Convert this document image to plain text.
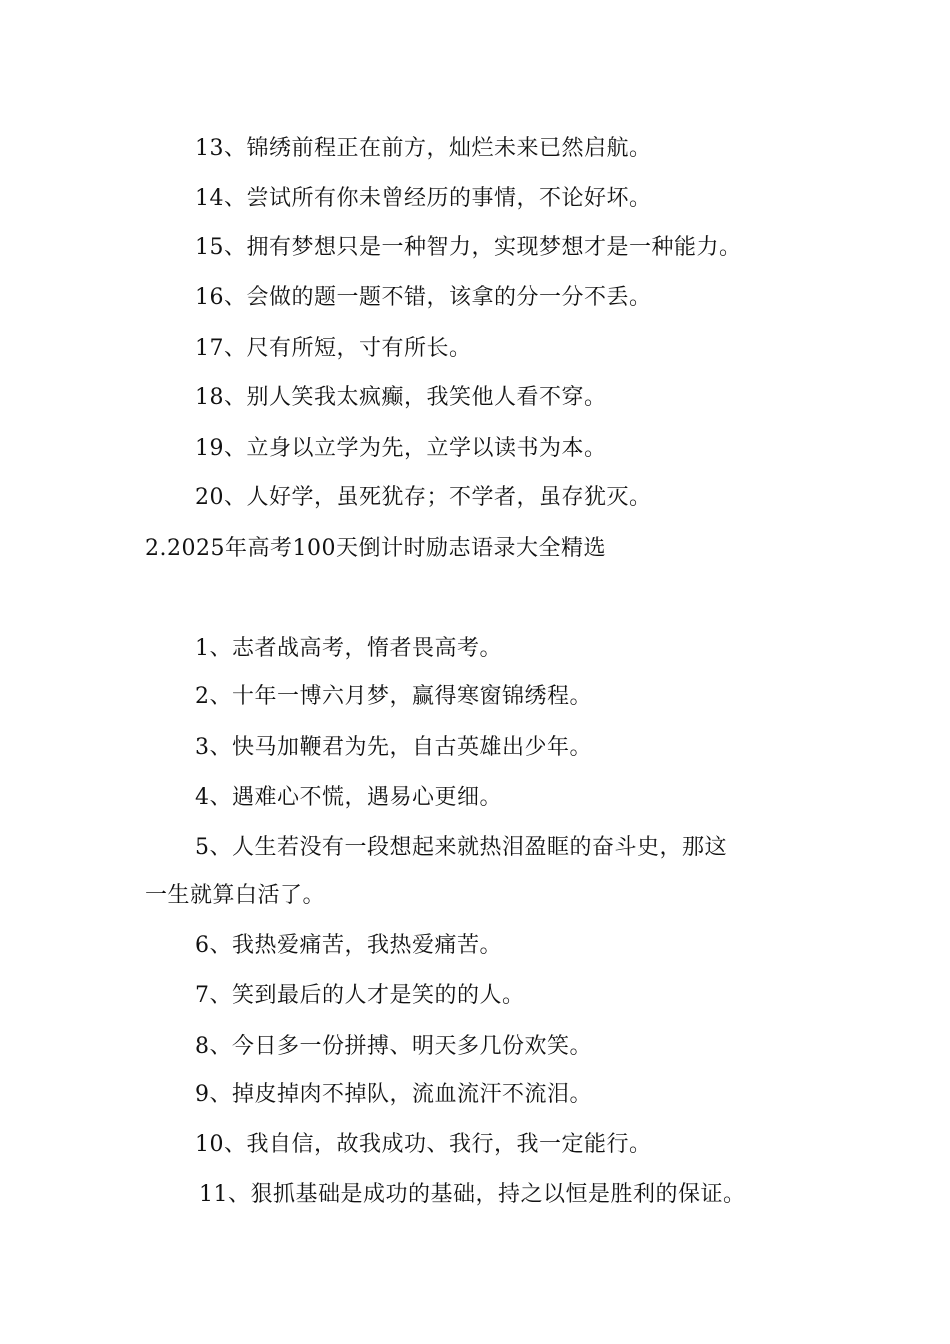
13、锦绣前程正在前方，灿烂未来已然启航。
14、尝试所有你未曾经历的事情，不论好坏。
15、拥有梦想只是一种智力，实现梦想才是一种能力。
16、会做的题一题不错，该拿的分一分不丢。
17、尺有所短，寸有所长。
18、别人笑我太疯癫，我笑他人看不穿。
19、立身以立学为先，立学以读书为本。
20、人好学，虽死犹存；不学者，虽存犹灭。
2.2025年高考100天倒计时励志语录大全精选
1、志者战高考，惰者畏高考。
2、十年一博六月梦，赢得寒窗锦绣程。
3、快马加鞭君为先，自古英雄出少年。
4、遇难心不慌，遇易心更细。
5、人生若没有一段想起来就热泪盈眶的奋斗史，那这
一生就算白活了。
6、我热爱痛苦，我热爱痛苦。
7、笑到最后的人才是笑的的人。
8、今日多一份拼搏、明天多几份欢笑。
9、掉皮掉肉不掉队，流血流汗不流泪。
10、我自信，故我成功、我行，我一定能行。
11、狠抓基础是成功的基础，持之以恒是胜利的保证。
